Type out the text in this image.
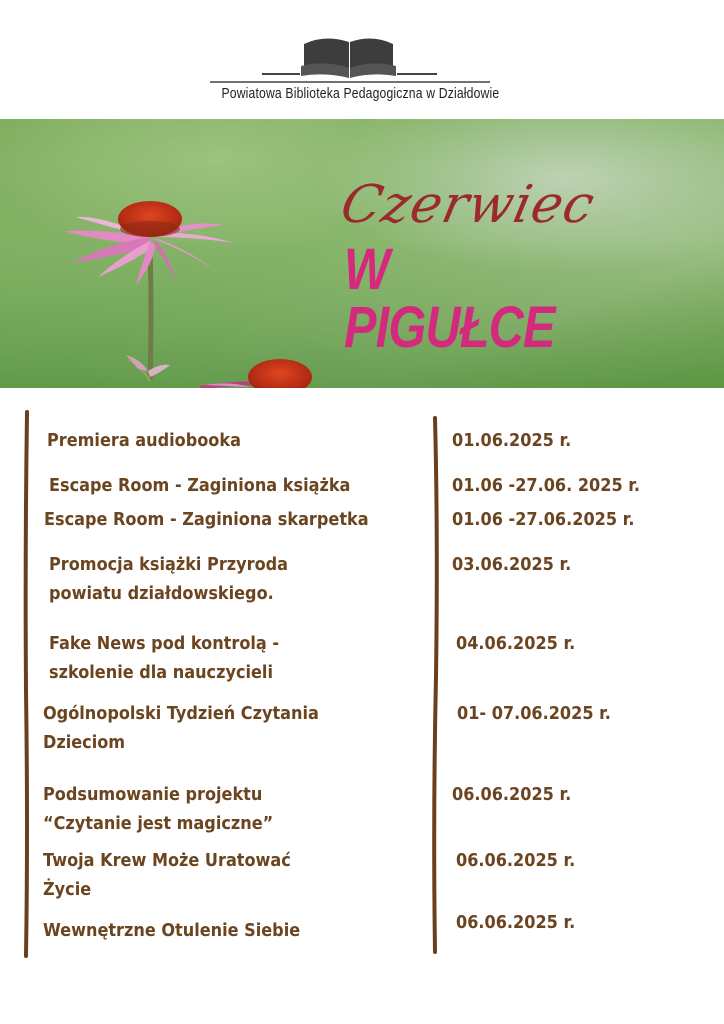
Powiatowa Biblioteka Pedagogiczna w Działdowie
Czerwiec
W PIGUŁCE
Premiera audiobooka	01.06.2025 r.
Escape Room - Zaginiona książka	01.06 -27.06. 2025 r.
Escape Room - Zaginiona skarpetka	01.06 -27.06.2025 r.
Promocja książki Przyroda
powiatu działdowskiego.
03.06.2025 r.
Fake News pod kontrolą -
szkolenie dla nauczycieli
04.06.2025 r.
Ogólnopolski Tydzień Czytania
Dzieciom
01- 07.06.2025 r.
Podsumowanie projektu
“Czytanie jest magiczne”
06.06.2025 r.
Twoja Krew Może Uratować
Życie
06.06.2025 r.
Wewnętrzne Otulenie Siebie	06.06.2025 r.
